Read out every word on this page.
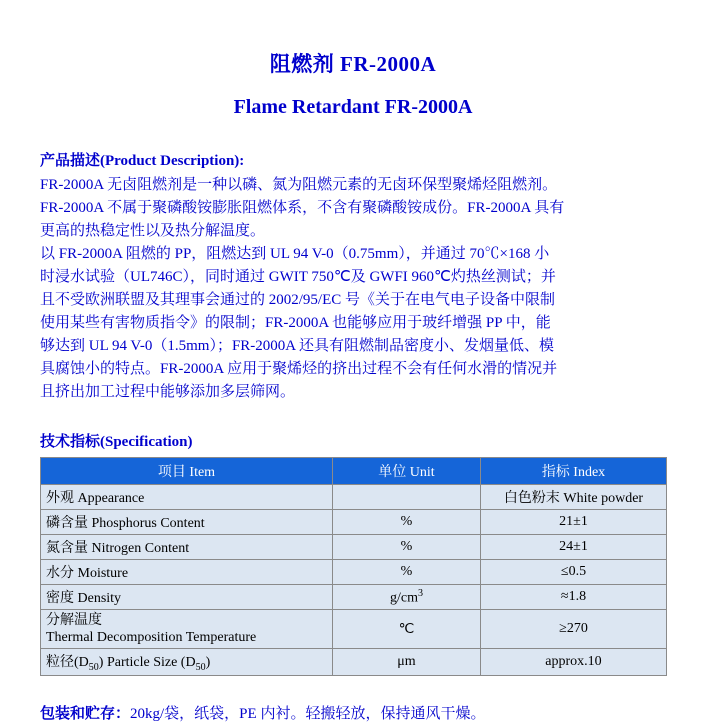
阻燃剂 FR-2000A
Flame Retardant FR-2000A
产品描述(Product Description):

FR-2000A 无卤阻燃剂是一种以磷、氮为阻燃元素的无卤环保型聚烯烃阻燃剂。

FR-2000A 不属于聚磷酸铵膨胀阻燃体系，不含有聚磷酸铵成份。FR-2000A 具有

更高的热稳定性以及热分解温度。

以 FR-2000A 阻燃的 PP，阻燃达到 UL 94 V-0（0.75mm），并通过 70℃×168 小

时浸水试验（UL746C），同时通过 GWIT 750℃及 GWFI 960℃灼热丝测试；并

且不受欧洲联盟及其理事会通过的 2002/95/EC 号《关于在电气电子设备中限制

使用某些有害物质指令》的限制；FR-2000A 也能够应用于玻纤增强 PP 中，能

够达到 UL 94 V-0（1.5mm）；FR-2000A 还具有阻燃制品密度小、发烟量低、模

具腐蚀小的特点。FR-2000A 应用于聚烯烃的挤出过程不会有任何水滑的情况并

且挤出加工过程中能够添加多层筛网。

技术指标(Specification)
项目 Item	单位 Unit	指标 Index
外观 Appearance		白色粉末 White powder
磷含量 Phosphorus Content	%	21±1
氮含量 Nitrogen Content	%	24±1
水分 Moisture	%	≤0.5
密度 Density	$g/cm^3$	≈1.8
分解温度
Thermal Decomposition Temperature	℃	≥270
粒径$(D_{50})$ Particle Size $(D_{50})$	μm	approx.10
包装和贮存：20kg/袋，纸袋，PE 内衬。轻搬轻放，保持通风干燥。
